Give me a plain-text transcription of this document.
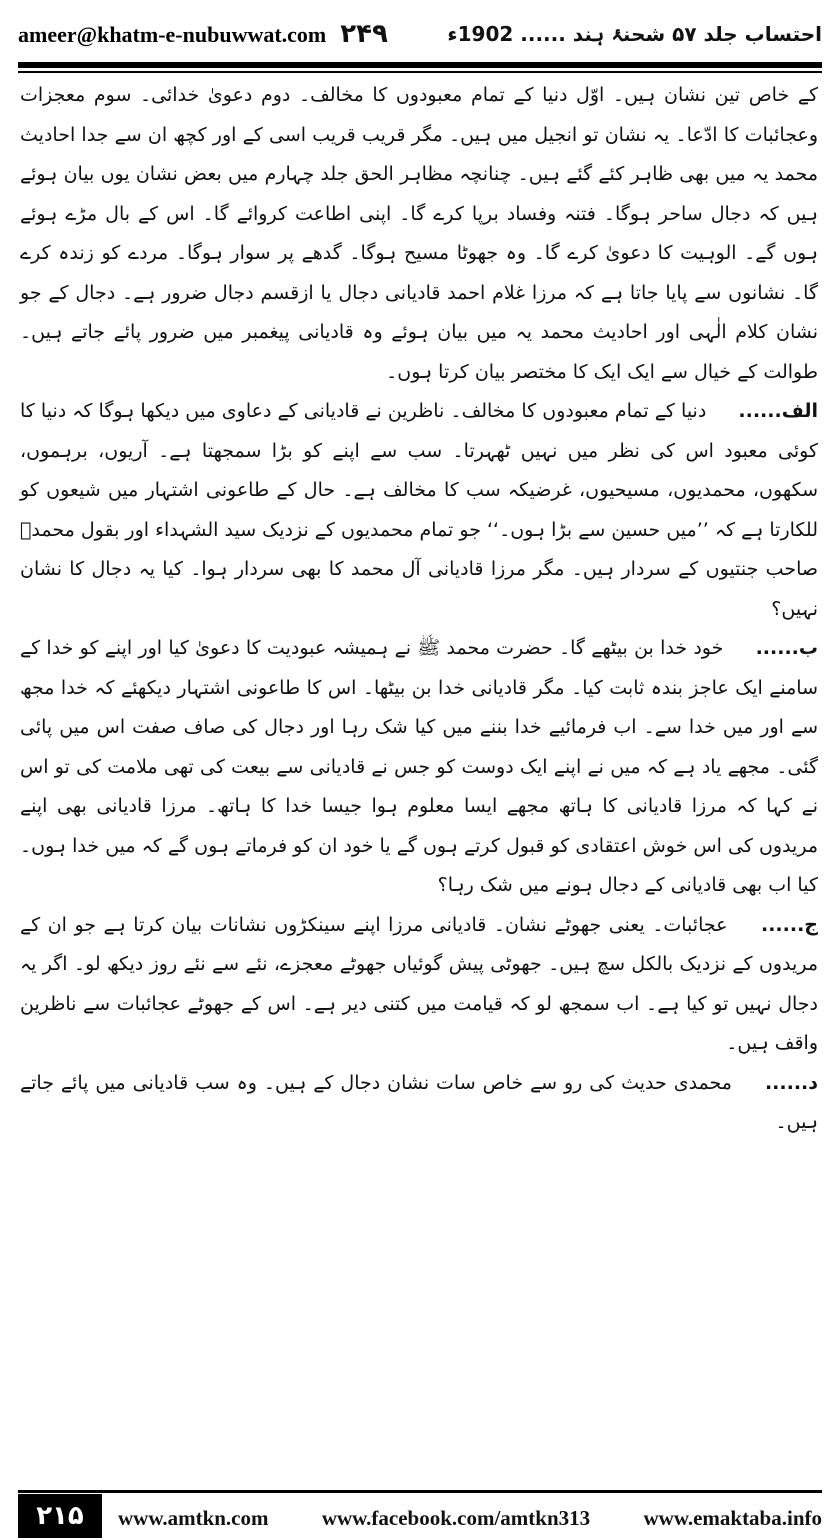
ameer@khatm-e-nubuwwat.com ۲۴۹	احتساب جلد ۵۷ شحنۂ ہند ...... 1902ء

کے خاص تین نشان ہیں۔ اوّل دنیا کے تمام معبودوں کا مخالف۔ دوم دعویٰ خدائی۔ سوم معجزات وعجائبات کا ادّعا۔ یہ نشان تو انجیل میں ہیں۔ مگر قریب قریب اسی کے اور کچھ ان سے جدا احادیث محمد یہ میں بھی ظاہر کئے گئے ہیں۔ چنانچہ مظاہر الحق جلد چہارم میں بعض نشان یوں بیان ہوئے ہیں کہ دجال ساحر ہوگا۔ فتنہ وفساد برپا کرے گا۔ اپنی اطاعت کروائے گا۔ اس کے بال مڑے ہوئے ہوں گے۔ الوہیت کا دعویٰ کرے گا۔ وہ جھوٹا مسیح ہوگا۔ گدھے پر سوار ہوگا۔ مردے کو زندہ کرے گا۔ نشانوں سے پایا جاتا ہے کہ مرزا غلام احمد قادیانی دجال یا ازقسم دجال ضرور ہے۔ دجال کے جو نشان کلام الٰہی اور احادیث محمد یہ میں بیان ہوئے وہ قادیانی پیغمبر میں ضرور پائے جاتے ہیں۔ طوالت کے خیال سے ایک ایک کا مختصر بیان کرتا ہوں۔

الف...... دنیا کے تمام معبودوں کا مخالف۔ ناظرین نے قادیانی کے دعاوی میں دیکھا ہوگا کہ دنیا کا کوئی معبود اس کی نظر میں نہیں ٹھہرتا۔ سب سے اپنے کو بڑا سمجھتا ہے۔ آریوں، برہموں، سکھوں، محمدیوں، مسیحیوں، غرضیکہ سب کا مخالف ہے۔ حال کے طاعونی اشتہار میں شیعوں کو للکارتا ہے کہ ’’میں حسین سے بڑا ہوں۔‘‘ جو تمام محمدیوں کے نزدیک سید الشہداء اور بقول محمدؐ صاحب جنتیوں کے سردار ہیں۔ مگر مرزا قادیانی آل محمد کا بھی سردار ہوا۔ کیا یہ دجال کا نشان نہیں؟

ب...... خود خدا بن بیٹھے گا۔ حضرت محمد ﷺ نے ہمیشہ عبودیت کا دعویٰ کیا اور اپنے کو خدا کے سامنے ایک عاجز بندہ ثابت کیا۔ مگر قادیانی خدا بن بیٹھا۔ اس کا طاعونی اشتہار دیکھئے کہ خدا مجھ سے اور میں خدا سے۔ اب فرمائیے خدا بننے میں کیا شک رہا اور دجال کی صاف صفت اس میں پائی گئی۔ مجھے یاد ہے کہ میں نے اپنے ایک دوست کو جس نے قادیانی سے بیعت کی تھی ملامت کی تو اس نے کہا کہ مرزا قادیانی کا ہاتھ مجھے ایسا معلوم ہوا جیسا خدا کا ہاتھ۔ مرزا قادیانی بھی اپنے مریدوں کی اس خوش اعتقادی کو قبول کرتے ہوں گے یا خود ان کو فرماتے ہوں گے کہ میں خدا ہوں۔ کیا اب بھی قادیانی کے دجال ہونے میں شک رہا؟

ج...... عجائبات۔ یعنی جھوٹے نشان۔ قادیانی مرزا اپنے سینکڑوں نشانات بیان کرتا ہے جو ان کے مریدوں کے نزدیک بالکل سچ ہیں۔ جھوٹی پیش گوئیاں جھوٹے معجزے، نئے سے نئے روز دیکھ لو۔ اگر یہ دجال نہیں تو کیا ہے۔ اب سمجھ لو کہ قیامت میں کتنی دیر ہے۔ اس کے جھوٹے عجائبات سے ناظرین واقف ہیں۔

د...... محمدی حدیث کی رو سے خاص سات نشان دجال کے ہیں۔ وہ سب قادیانی میں پائے جاتے ہیں۔

۲۱۵	www.amtkn.com	www.facebook.com/amtkn313	www.emaktaba.info
